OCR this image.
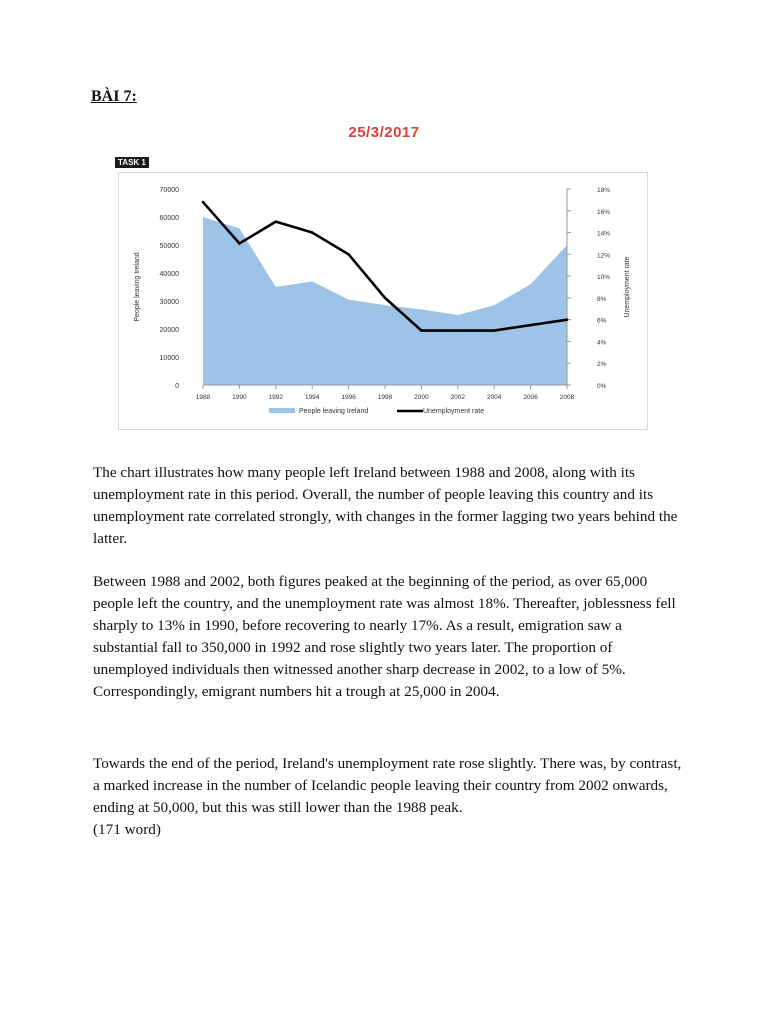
BÀI 7:
25/3/2017
TASK 1
0
10000
20000
30000
40000
50000
60000
70000
0%
2%
4%
6%
8%
10%
12%
14%
16%
18%
1988	1990	1992	1994	1996	1998	2000	2002	2004	2006	2008
People leaving Ireland	Unemployment rate
People leaving Ireland	Unemployment rate

The chart illustrates how many people left Ireland between 1988 and 2008, along with its unemployment rate in this period. Overall, the number of people leaving this country and its unemployment rate correlated strongly, with changes in the former lagging two years behind the latter.

Between 1988 and 2002, both figures peaked at the beginning of the period, as over 65,000 people left the country, and the unemployment rate was almost 18%. Thereafter, joblessness fell sharply to 13% in 1990, before recovering to nearly 17%. As a result, emigration saw a substantial fall to 350,000 in 1992 and rose slightly two years later. The proportion of unemployed individuals then witnessed another sharp decrease in 2002, to a low of 5%. Correspondingly, emigrant numbers hit a trough at 25,000 in 2004.

Towards the end of the period, Ireland's unemployment rate rose slightly. There was, by contrast, a marked increase in the number of Icelandic people leaving their country from 2002 onwards, ending at 50,000, but this was still lower than the 1988 peak.

(171 word)
